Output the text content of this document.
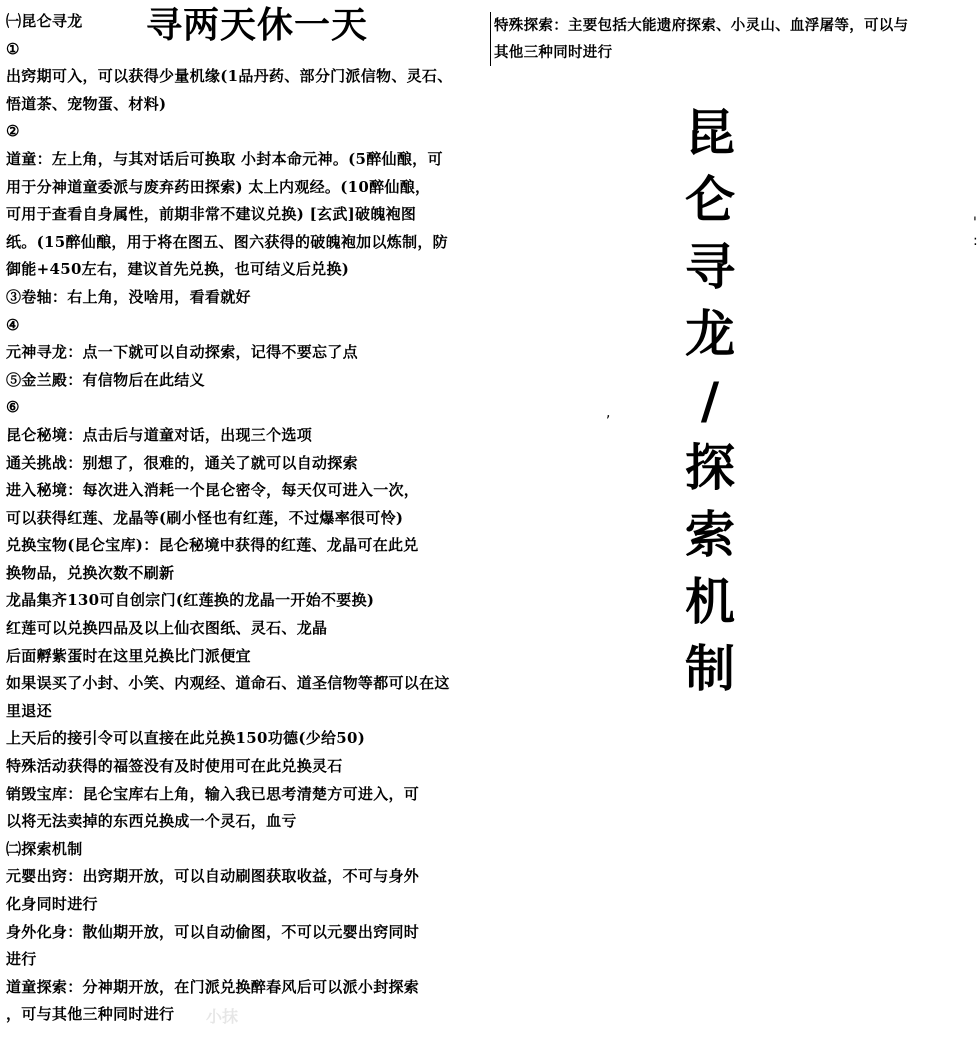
寻两天休一天
㈠昆仑寻龙
①
出窍期可入，可以获得少量机缘(1品丹药、部分门派信物、灵石、
悟道茶、宠物蛋、材料)
②
道童：左上角，与其对话后可换取 小封本命元神。(5醉仙酿，可
用于分神道童委派与废弃药田探索) 太上内观经。(10醉仙酿，
可用于查看自身属性，前期非常不建议兑换) [玄武]破魄袍图
纸。(15醉仙酿，用于将在图五、图六获得的破魄袍加以炼制，防
御能+450左右，建议首先兑换，也可结义后兑换)
③卷轴：右上角，没啥用，看看就好
④
元神寻龙：点一下就可以自动探索，记得不要忘了点
⑤金兰殿：有信物后在此结义
⑥
昆仑秘境：点击后与道童对话，出现三个选项
通关挑战：别想了，很难的，通关了就可以自动探索
进入秘境：每次进入消耗一个昆仑密令，每天仅可进入一次，
可以获得红莲、龙晶等(刷小怪也有红莲，不过爆率很可怜)
兑换宝物(昆仑宝库)：昆仑秘境中获得的红莲、龙晶可在此兑
换物品，兑换次数不刷新
龙晶集齐130可自创宗门(红莲换的龙晶一开始不要换)
红莲可以兑换四品及以上仙衣图纸、灵石、龙晶
后面孵紫蛋时在这里兑换比门派便宜
如果误买了小封、小笑、内观经、道命石、道圣信物等都可以在这
里退还
上天后的接引令可以直接在此兑换150功德(少给50)
特殊活动获得的福签没有及时使用可在此兑换灵石
销毁宝库：昆仑宝库右上角，输入我已思考清楚方可进入，可
以将无法卖掉的东西兑换成一个灵石，血亏
㈡探索机制
元婴出窍：出窍期开放，可以自动刷图获取收益，不可与身外
化身同时进行
身外化身：散仙期开放，可以自动偷图，不可以元婴出窍同时
进行
道童探索：分神期开放，在门派兑换醉春风后可以派小封探索
，可与其他三种同时进行
特殊探索：主要包括大能遗府探索、小灵山、血浮屠等，可以与
其他三种同时进行
昆
仑
寻
龙
/
探
索
机
制
小抹
,
'
:
